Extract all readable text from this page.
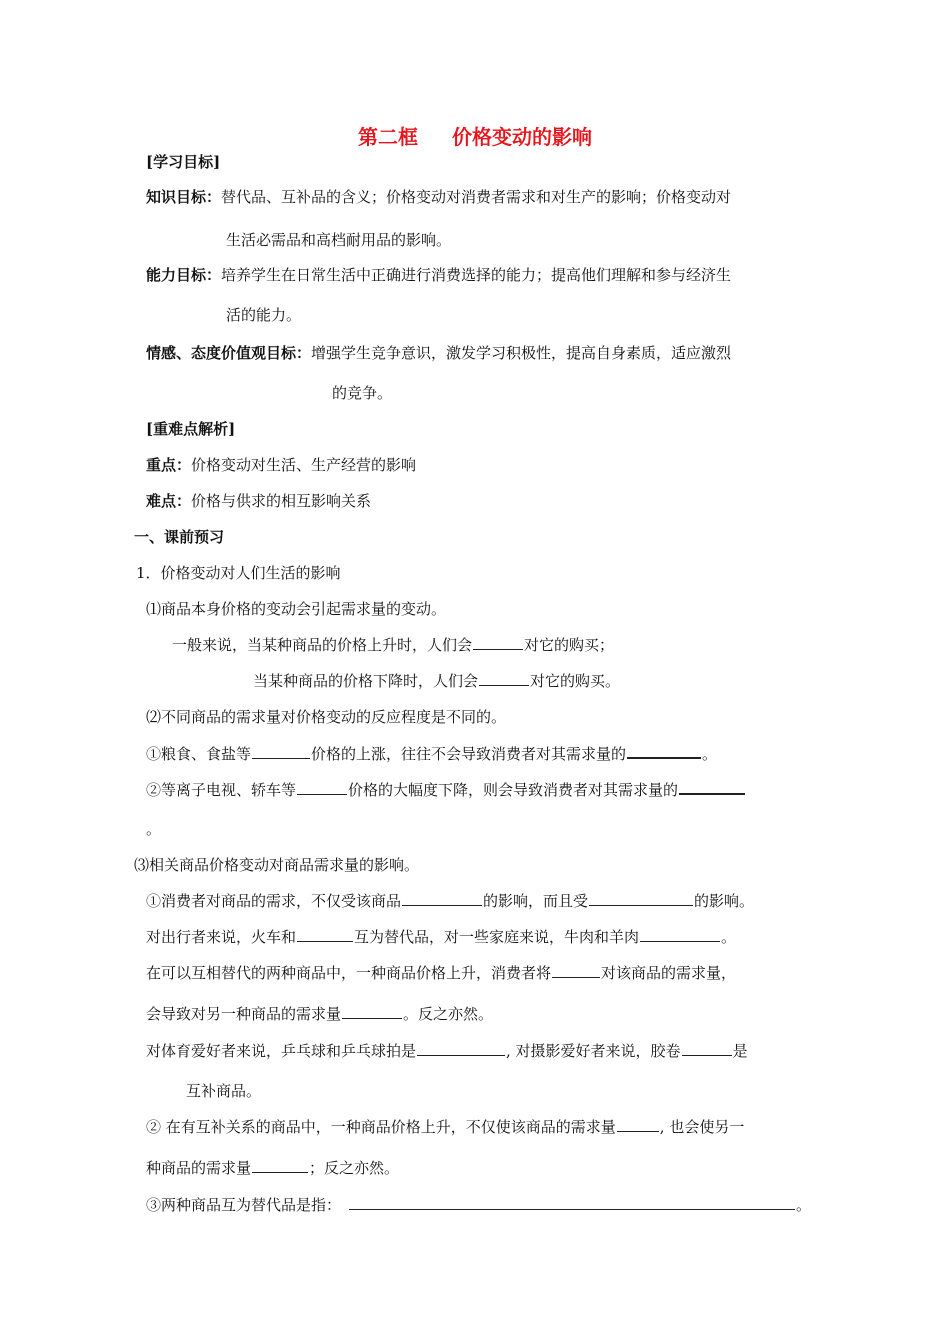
第二框 价格变动的影响
[学习目标]
知识目标：替代品、互补品的含义；价格变动对消费者需求和对生产的影响；价格变动对
生活必需品和高档耐用品的影响。
能力目标：培养学生在日常生活中正确进行消费选择的能力；提高他们理解和参与经济生
活的能力。
情感、态度价值观目标：增强学生竞争意识，激发学习积极性，提高自身素质，适应激烈
的竞争。
[重难点解析]
重点：价格变动对生活、生产经营的影响
难点：价格与供求的相互影响关系
一、课前预习
1．价格变动对人们生活的影响
⑴商品本身价格的变动会引起需求量的变动。
一般来说，当某种商品的价格上升时，人们会	对它的购买；
当某种商品的价格下降时，人们会	对它的购买。
⑵不同商品的需求量对价格变动的反应程度是不同的。
①粮食、食盐等	价格的上涨，往往不会导致消费者对其需求量的	。
②等离子电视、轿车等	价格的大幅度下降，则会导致消费者对其需求量的
。
⑶相关商品价格变动对商品需求量的影响。
①消费者对商品的需求，不仅受该商品	的影响，而且受	的影响。
对出行者来说，火车和	互为替代品，对一些家庭来说，牛肉和羊肉	。
在可以互相替代的两种商品中，一种商品价格上升，消费者将	对该商品的需求量，
会导致对另一种商品的需求量	。反之亦然。
对体育爱好者来说，乒乓球和乒乓球拍是	, 对摄影爱好者来说，胶卷	是
互补商品。
② 在有互补关系的商品中，一种商品价格上升，不仅使该商品的需求量	, 也会使另一
种商品的需求量	；反之亦然。
③两种商品互为替代品是指：	。
